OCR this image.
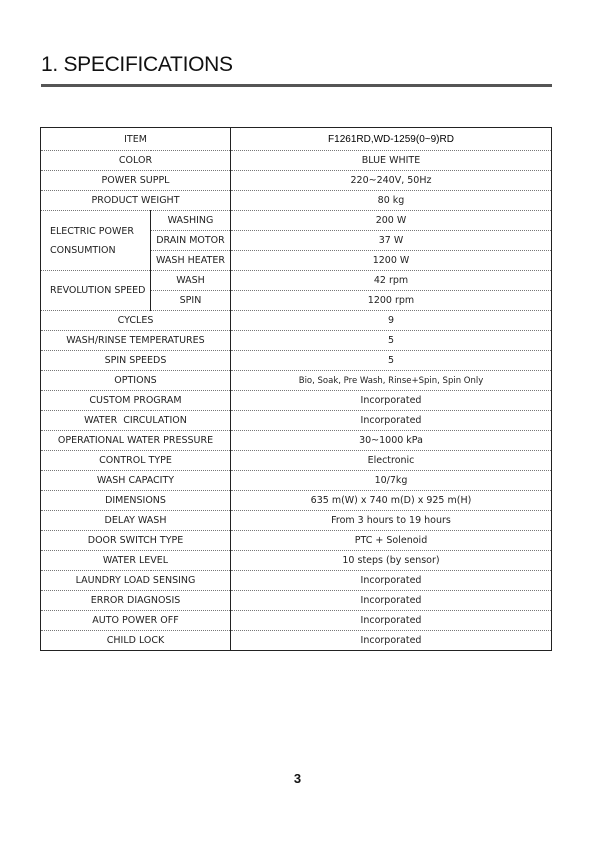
1. SPECIFICATIONS
ITEM		F1261RD,WD-1259(0~9)RD
COLOR		BLUE WHITE
POWER SUPPL		220~240V, 50Hz
PRODUCT WEIGHT		80 kg
ELECTRIC POWER CONSUMTION	WASHING	200 W
	DRAIN MOTOR	37 W
	WASH HEATER	1200 W
REVOLUTION SPEED	WASH	42 rpm
	SPIN	1200 rpm
CYCLES		9
WASH/RINSE TEMPERATURES		5
SPIN SPEEDS		5
OPTIONS		Bio, Soak, Pre Wash, Rinse+Spin, Spin Only
CUSTOM PROGRAM		Incorporated
WATER  CIRCULATION		Incorporated
OPERATIONAL WATER PRESSURE		30~1000 kPa
CONTROL TYPE		Electronic
WASH CAPACITY		10/7kg
DIMENSIONS		635 m(W) x 740 m(D) x 925 m(H)
DELAY WASH		From 3 hours to 19 hours
DOOR SWITCH TYPE		PTC + Solenoid
WATER LEVEL		10 steps (by sensor)
LAUNDRY LOAD SENSING		Incorporated
ERROR DIAGNOSIS		Incorporated
AUTO POWER OFF		Incorporated
CHILD LOCK		Incorporated
3
